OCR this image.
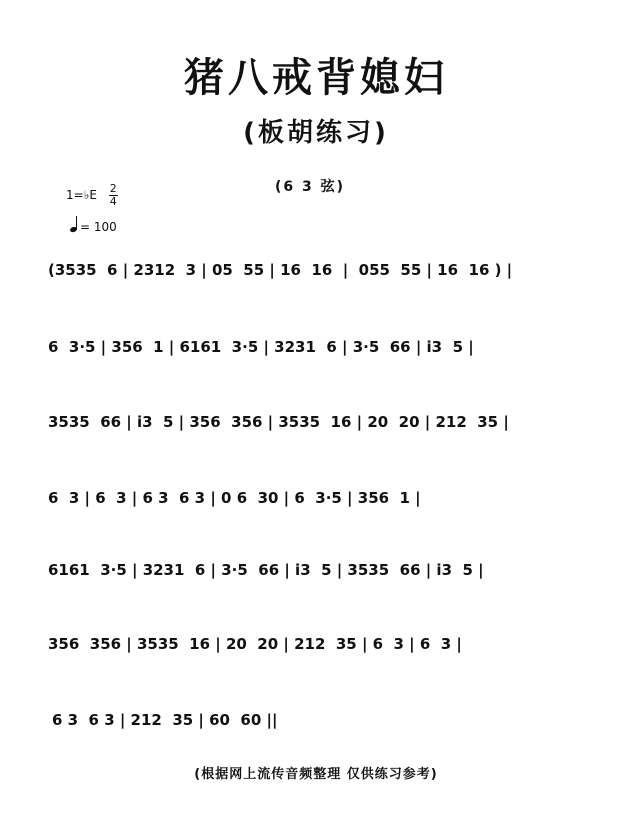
猪八戒背媳妇
(板胡练习)
(6 3 弦)
1=♭E $\frac{2}{4}$
= 100
(3535  6 | 2312  3 | 05  55 | 16  16  |  055  55 | 16  16 ) |
6  3·5 | 356  1 | 6161  3·5 | 3231  6 | 3·5  66 | i3  5 |
3535  66 | i3  5 | 356  356 | 3535  16 | 20  20 | 212  35 |
6  3 | 6  3 | 6 3  6 3 | 0 6  30 | 6  3·5 | 356  1 |
6161  3·5 | 3231  6 | 3·5  66 | i3  5 | 3535  66 | i3  5 |
356  356 | 3535  16 | 20  20 | 212  35 | 6  3 | 6  3 |
6 3  6 3 | 212  35 | 60  60 ||
(根据网上流传音频整理 仅供练习参考)
